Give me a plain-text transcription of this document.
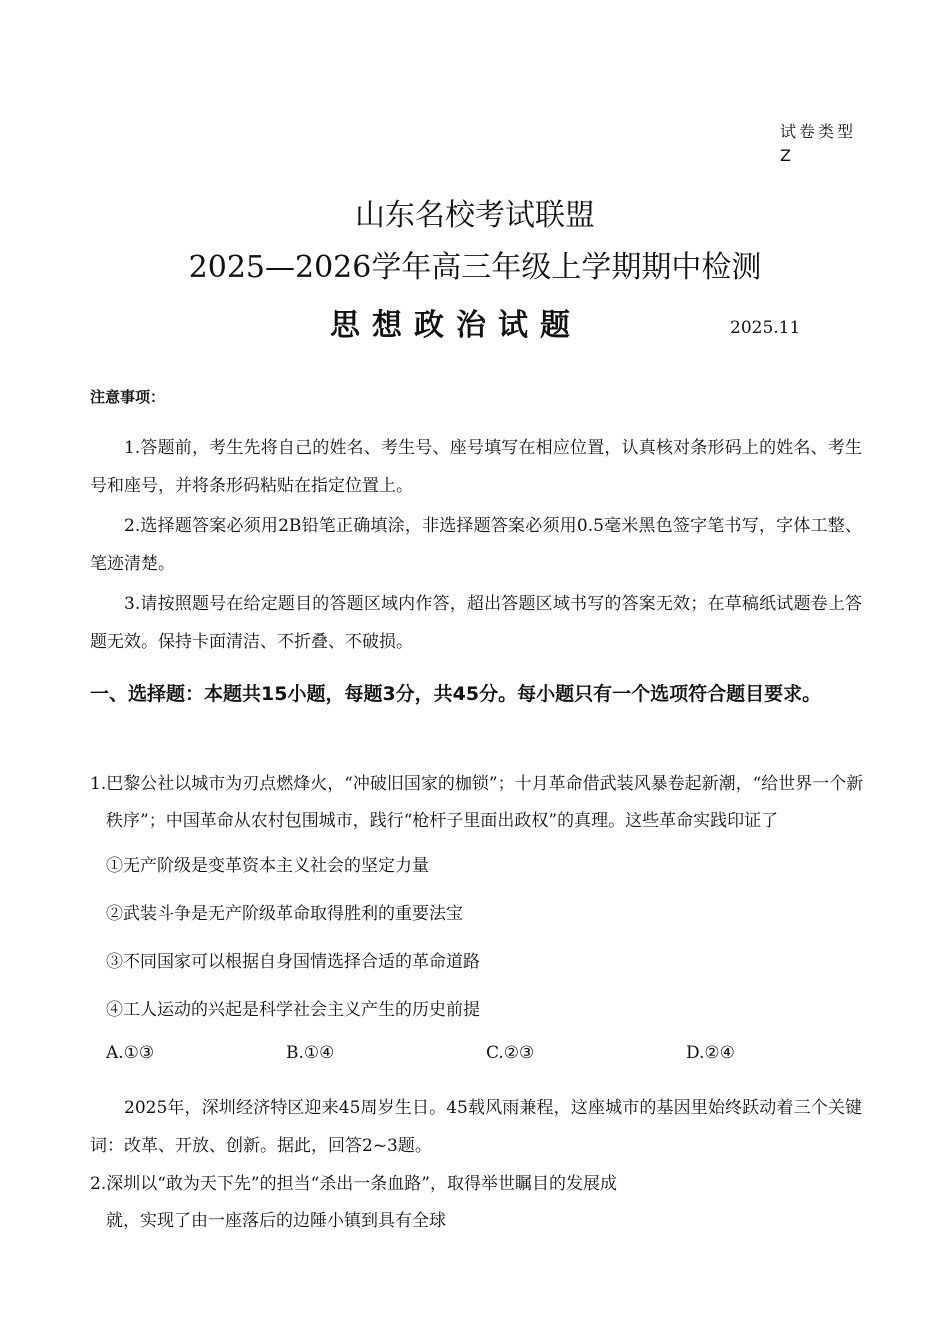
试卷类型
Z
山东名校考试联盟
2025—2026学年高三年级上学期期中检测
思想政治试题	2025.11
注意事项：
1.答题前，考生先将自己的姓名、考生号、座号填写在相应位置，认真核对条形码上的姓名、考生号和座号，并将条形码粘贴在指定位置上。
2.选择题答案必须用2B铅笔正确填涂，非选择题答案必须用0.5毫米黑色签字笔书写，字体工整、笔迹清楚。
3.请按照题号在给定题目的答题区域内作答，超出答题区域书写的答案无效；在草稿纸试题卷上答题无效。保持卡面清洁、不折叠、不破损。
一、选择题：本题共15小题，每题3分，共45分。每小题只有一个选项符合题目要求。
1.巴黎公社以城市为刃点燃烽火，“冲破旧国家的枷锁”；十月革命借武装风暴卷起新潮，“给世界一个新秩序”；中国革命从农村包围城市，践行“枪杆子里面出政权”的真理。这些革命实践印证了
①无产阶级是变革资本主义社会的坚定力量
②武装斗争是无产阶级革命取得胜利的重要法宝
③不同国家可以根据自身国情选择合适的革命道路
④工人运动的兴起是科学社会主义产生的历史前提
A.①③	B.①④	C.②③	D.②④
2025年，深圳经济特区迎来45周岁生日。45载风雨兼程，这座城市的基因里始终跃动着三个关键词：改革、开放、创新。据此，回答2~3题。
2.深圳以“敢为天下先”的担当“杀出一条血路”，取得举世瞩目的发展成就，实现了由一座落后的边陲小镇到具有全球
